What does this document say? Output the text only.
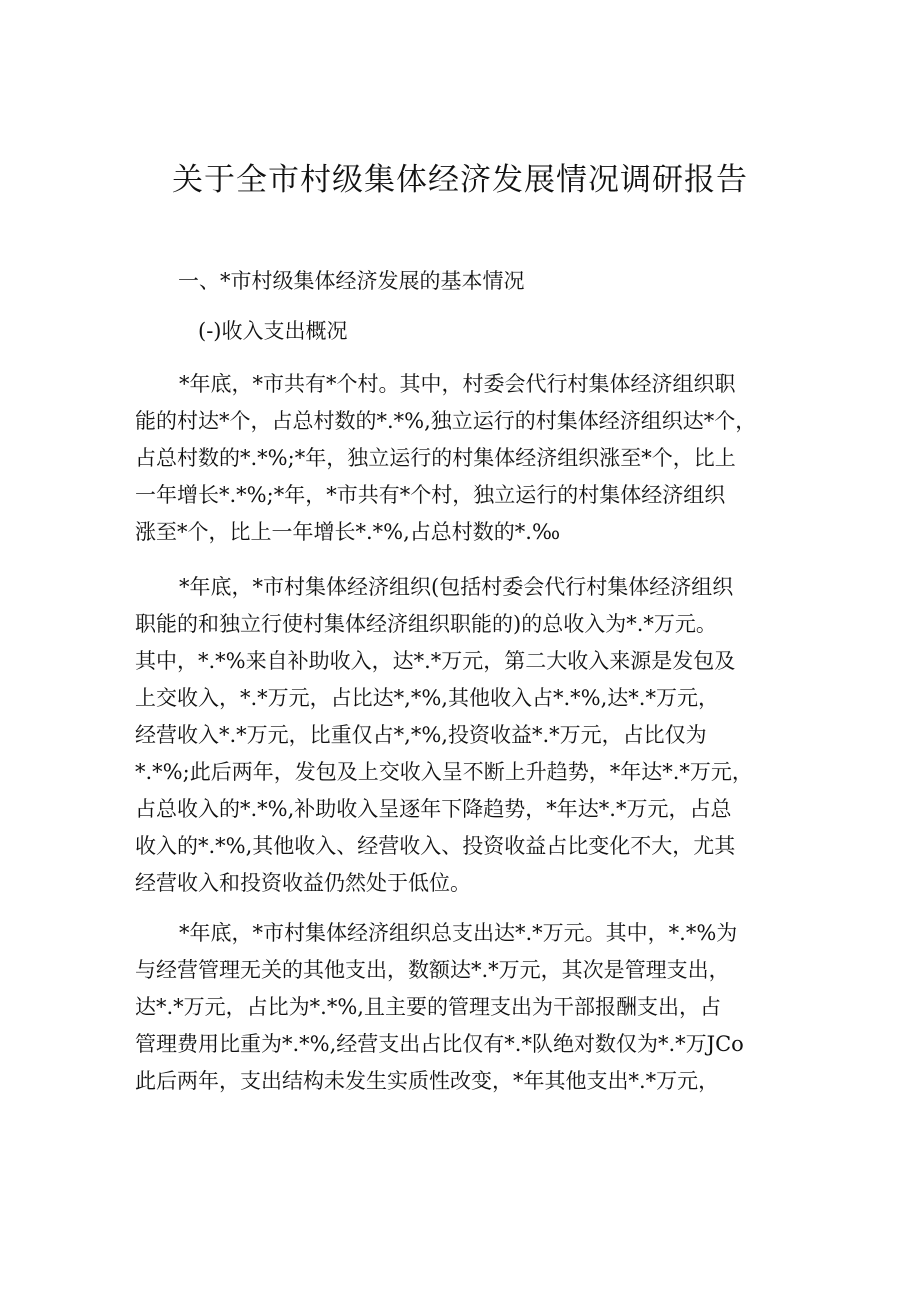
关于全市村级集体经济发展情况调研报告
一、*市村级集体经济发展的基本情况
(-)收入支出概况
*年底，*市共有*个村。其中，村委会代行村集体经济组织职
能的村达*个，占总村数的*.*%,独立运行的村集体经济组织达*个，
占总村数的*.*%;*年，独立运行的村集体经济组织涨至*个，比上
一年增长*.*%;*年，*市共有*个村，独立运行的村集体经济组织
涨至*个，比上一年增长*.*%,占总村数的*.‰
*年底，*市村集体经济组织(包括村委会代行村集体经济组织
职能的和独立行使村集体经济组织职能的)的总收入为*.*万元。
其中，*.*%来自补助收入，达*.*万元，第二大收入来源是发包及
上交收入，*.*万元，占比达*,*%,其他收入占*.*%,达*.*万元，
经营收入*.*万元，比重仅占*,*%,投资收益*.*万元，占比仅为
*.*%;此后两年，发包及上交收入呈不断上升趋势，*年达*.*万元，
占总收入的*.*%,补助收入呈逐年下降趋势，*年达*.*万元，占总
收入的*.*%,其他收入、经营收入、投资收益占比变化不大，尤其
经营收入和投资收益仍然处于低位。
*年底，*市村集体经济组织总支出达*.*万元。其中，*.*%为
与经营管理无关的其他支出，数额达*.*万元，其次是管理支出，
达*.*万元，占比为*.*%,且主要的管理支出为干部报酬支出，占
管理费用比重为*.*%,经营支出占比仅有*.*队绝对数仅为*.*万JCo
此后两年，支出结构未发生实质性改变，*年其他支出*.*万元，
